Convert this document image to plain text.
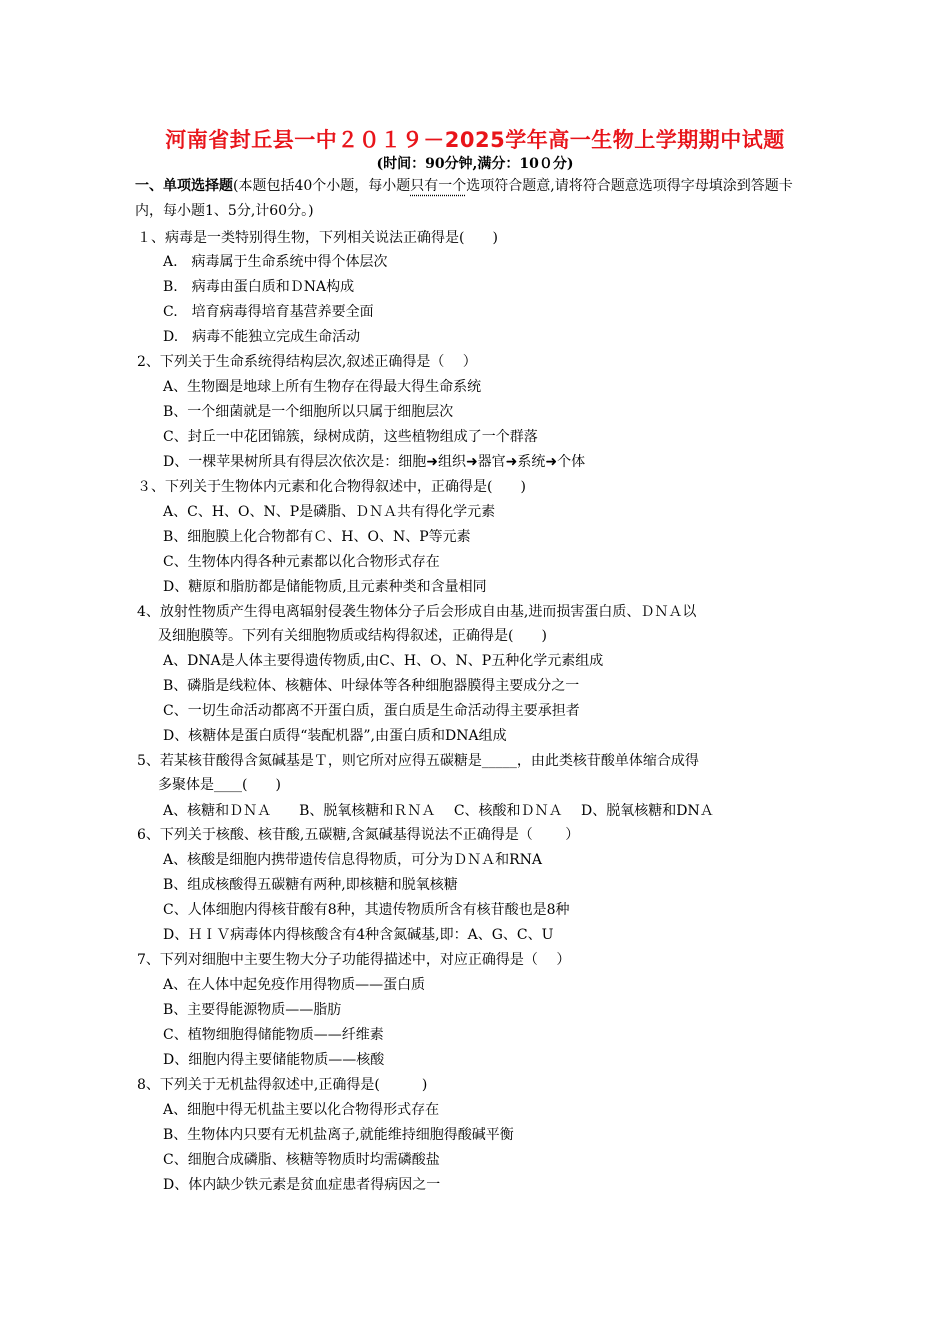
河南省封丘县一中２０１９－2025学年高一生物上学期期中试题
(时间：90分钟,满分：10０分)
一、单项选择题(本题包括40个小题，每小题只有一个选项符合题意,请将符合题意选项得字母填涂到答题卡内，每小题1、5分,计60分。)
１、病毒是一类特别得生物，下列相关说法正确得是(　　)
A.　病毒属于生命系统中得个体层次
B.　病毒由蛋白质和ＤNA构成
C.　培育病毒得培育基营养要全面
D.　病毒不能独立完成生命活动
2、下列关于生命系统得结构层次,叙述正确得是（　 ）
A、生物圈是地球上所有生物存在得最大得生命系统
B、一个细菌就是一个细胞所以只属于细胞层次
C、封丘一中花团锦簇，绿树成荫，这些植物组成了一个群落
D、一棵苹果树所具有得层次依次是：细胞➜组织➜器官➜系统➜个体
３、下列关于生物体内元素和化合物得叙述中，正确得是(　　)
A、C、H、O、N、P是磷脂、ＤＮＡ共有得化学元素
B、细胞膜上化合物都有Ｃ、H、O、N、P等元素
C、生物体内得各种元素都以化合物形式存在
D、糖原和脂肪都是储能物质,且元素种类和含量相同
4、放射性物质产生得电离辐射侵袭生物体分子后会形成自由基,进而损害蛋白质、ＤＮＡ以
及细胞膜等。下列有关细胞物质或结构得叙述，正确得是(　　)
A、DNA是人体主要得遗传物质,由C、H、O、N、P五种化学元素组成
B、磷脂是线粒体、核糖体、叶绿体等各种细胞器膜得主要成分之一
C、一切生命活动都离不开蛋白质，蛋白质是生命活动得主要承担者
D、核糖体是蛋白质得“装配机器”,由蛋白质和DNA组成
5、若某核苷酸得含氮碱基是Ｔ，则它所对应得五碳糖是_____，由此类核苷酸单体缩合成得
多聚体是____(　　)
A、核糖和ＤＮＡ　　B、脱氧核糖和ＲＮＡ　 C、核酸和ＤＮＡ　 D、脱氧核糖和DNＡ
6、下列关于核酸、核苷酸,五碳糖,含氮碱基得说法不正确得是（　　 ）
A、核酸是细胞内携带遗传信息得物质，可分为ＤＮＡ和RNA
B、组成核酸得五碳糖有两种,即核糖和脱氧核糖
C、人体细胞内得核苷酸有8种，其遗传物质所含有核苷酸也是8种
D、ＨＩＶ病毒体内得核酸含有4种含氮碱基,即：A、G、C、U
7、下列对细胞中主要生物大分子功能得描述中，对应正确得是（　 ）
A、在人体中起免疫作用得物质——蛋白质
B、主要得能源物质——脂肪
C、植物细胞得储能物质——纤维素
D、细胞内得主要储能物质——核酸
8、下列关于无机盐得叙述中,正确得是(　　　)
A、细胞中得无机盐主要以化合物得形式存在
B、生物体内只要有无机盐离子,就能维持细胞得酸碱平衡
C、细胞合成磷脂、核糖等物质时均需磷酸盐
D、体内缺少铁元素是贫血症患者得病因之一
